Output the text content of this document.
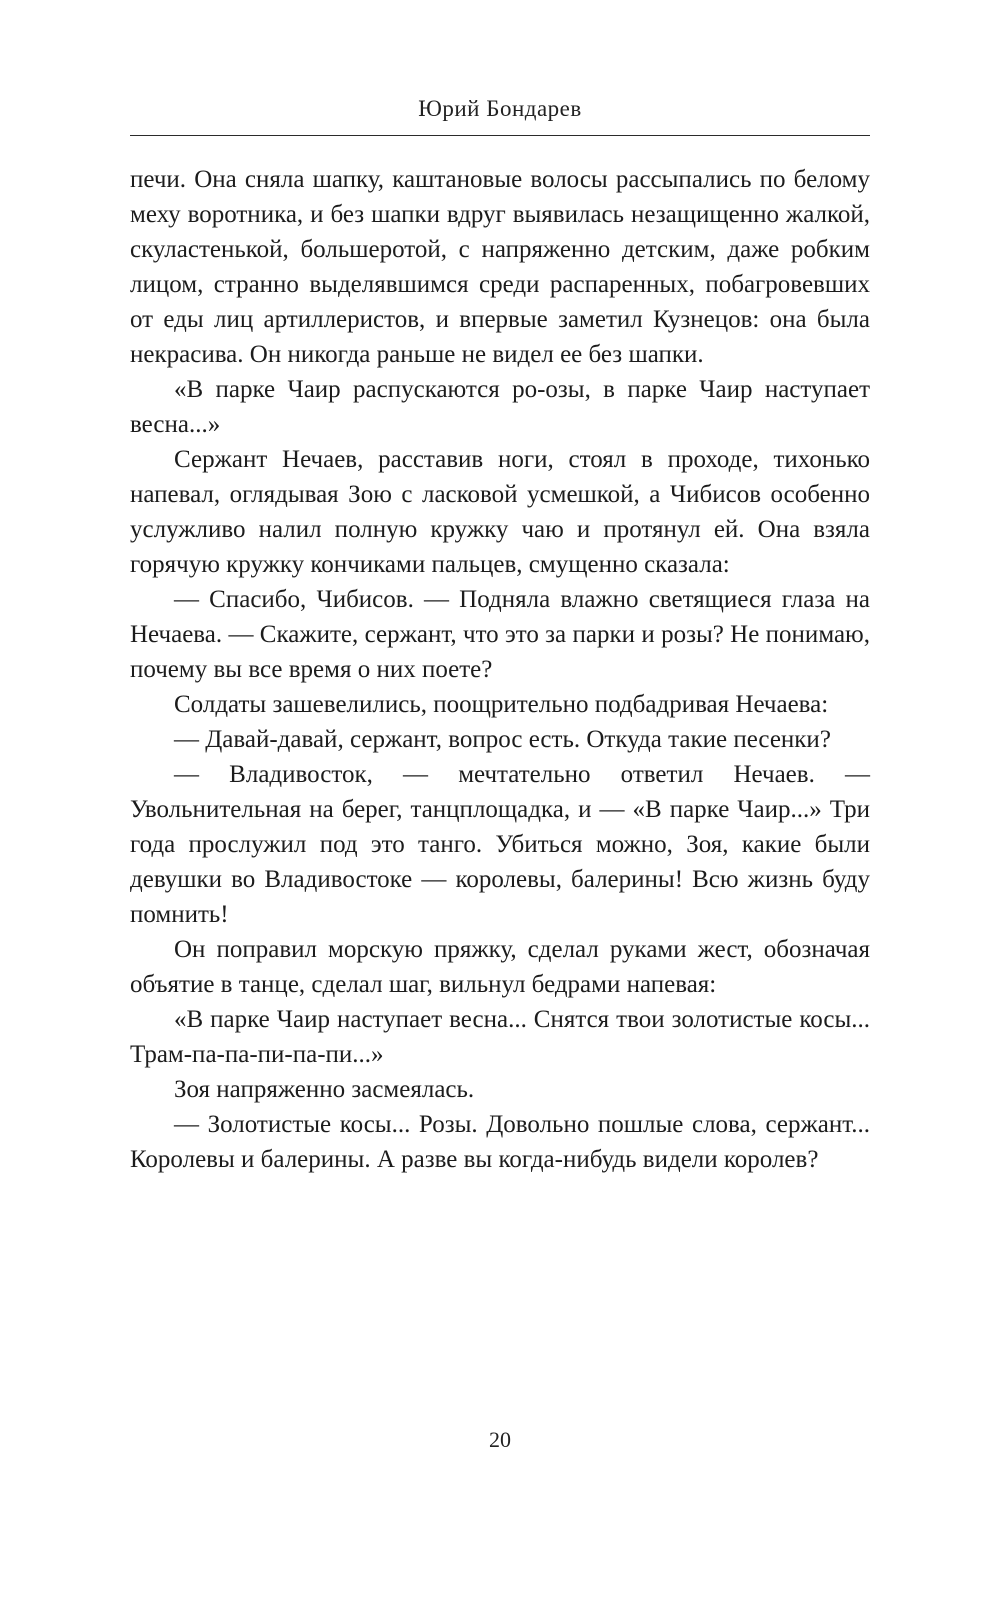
Юрий Бондарев

печи. Она сняла шапку, каштановые волосы рассыпались по белому меху воротника, и без шапки вдруг выявилась незащищенно жалкой, скуластенькой, большеротой, с напряженно детским, даже робким лицом, странно выделявшимся среди распаренных, побагровевших от еды лиц артиллеристов, и впервые заметил Кузнецов: она была некрасива. Он никогда раньше не видел ее без шапки.

«В парке Чаир распускаются ро-озы, в парке Чаир наступает весна...»

Сержант Нечаев, расставив ноги, стоял в проходе, тихонько напевал, оглядывая Зою с ласковой усмешкой, а Чибисов особенно услужливо налил полную кружку чаю и протянул ей. Она взяла горячую кружку кончиками пальцев, смущенно сказала:

— Спасибо, Чибисов. — Подняла влажно светящиеся глаза на Нечаева. — Скажите, сержант, что это за парки и розы? Не понимаю, почему вы все время о них поете?

Солдаты зашевелились, поощрительно подбадривая Нечаева:

— Давай-давай, сержант, вопрос есть. Откуда такие песенки?

— Владивосток, — мечтательно ответил Нечаев. — Увольнительная на берег, танцплощадка, и — «В парке Чаир...» Три года прослужил под это танго. Убиться можно, Зоя, какие были девушки во Владивостоке — королевы, балерины! Всю жизнь буду помнить!

Он поправил морскую пряжку, сделал руками жест, обозначая объятие в танце, сделал шаг, вильнул бедрами напевая:

«В парке Чаир наступает весна... Снятся твои золотистые косы... Трам-па-па-пи-па-пи...»

Зоя напряженно засмеялась.

— Золотистые косы... Розы. Довольно пошлые слова, сержант... Королевы и балерины. А разве вы когда-нибудь видели королев?

20
